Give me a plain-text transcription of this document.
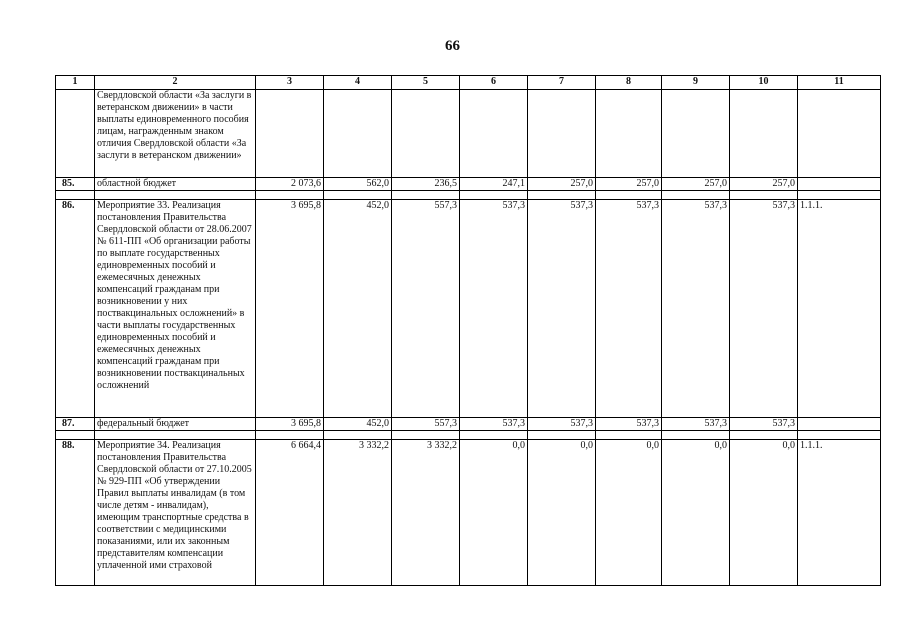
66
1	2	3	4	5	6	7	8	9	10	11
	Свердловской области «За заслуги в ветеранском движении» в части выплаты единовременного пособия лицам, награжденным знаком отличия Свердловской области «За заслуги в ветеранском движении»									
85.	областной бюджет	2 073,6	562,0	236,5	247,1	257,0	257,0	257,0	257,0	

86.	Мероприятие 33. Реализация постановления Правительства Свердловской области от 28.06.2007 № 611-ПП «Об организации работы по выплате государственных единовременных пособий и ежемесячных денежных компенсаций гражданам при возникновении у них поствакцинальных осложнений» в части выплаты государственных единовременных пособий и ежемесячных денежных компенсаций гражданам при возникновении поствакцинальных осложнений	3 695,8	452,0	557,3	537,3	537,3	537,3	537,3	537,3	1.1.1.
87.	федеральный бюджет	3 695,8	452,0	557,3	537,3	537,3	537,3	537,3	537,3	

88.	Мероприятие 34. Реализация постановления Правительства Свердловской области от 27.10.2005 № 929-ПП «Об утверждении Правил выплаты инвалидам (в том числе детям - инвалидам), имеющим транспортные средства в соответствии с медицинскими показаниями, или их законным представителям компенсации уплаченной ими страховой	6 664,4	3 332,2	3 332,2	0,0	0,0	0,0	0,0	0,0	1.1.1.
